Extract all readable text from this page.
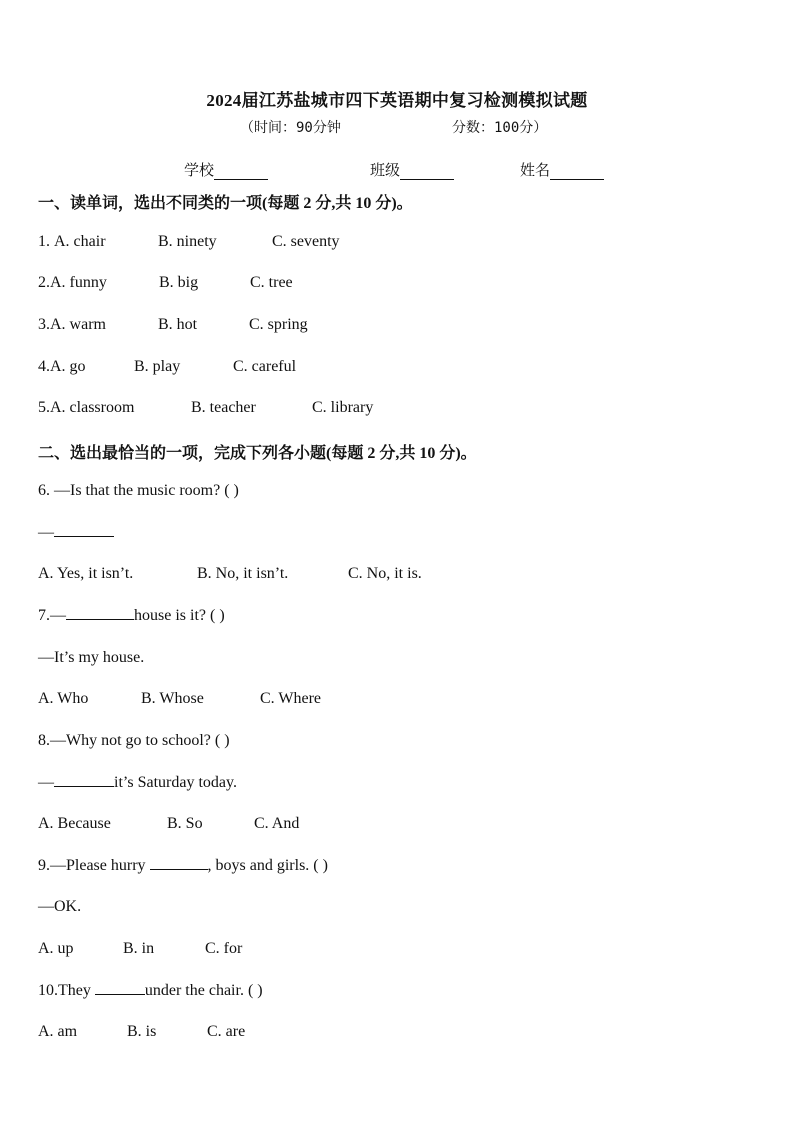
2024届江苏盐城市四下英语期中复习检测模拟试题
（时间：90分钟	分数：100分）
学校	班级	姓名
一、读单词，选出不同类的一项(每题 2 分,共 10 分)。
1. A. chair	B. ninety	C. seventy
2.A. funny	B. big	C. tree
3.A. warm	B. hot	C. spring
4.A. go	B. play	C. careful
5.A. classroom	B. teacher	C. library
二、选出最恰当的一项，完成下列各小题(每题 2 分,共 10 分)。
6. —Is that the music room? ( )
—
A. Yes, it isn’t.	B. No, it isn’t.	C. No, it is.
7.—	house is it? ( )
—It’s my house.
A. Who	B. Whose	C. Where
8.—Why not go to school? ( )
—	it’s Saturday today.
A. Because	B. So	C. And
9.—Please hurry	, boys and girls. ( )
—OK.
A. up	B. in	C. for
10.They	under the chair. ( )
A. am	B. is	C. are
